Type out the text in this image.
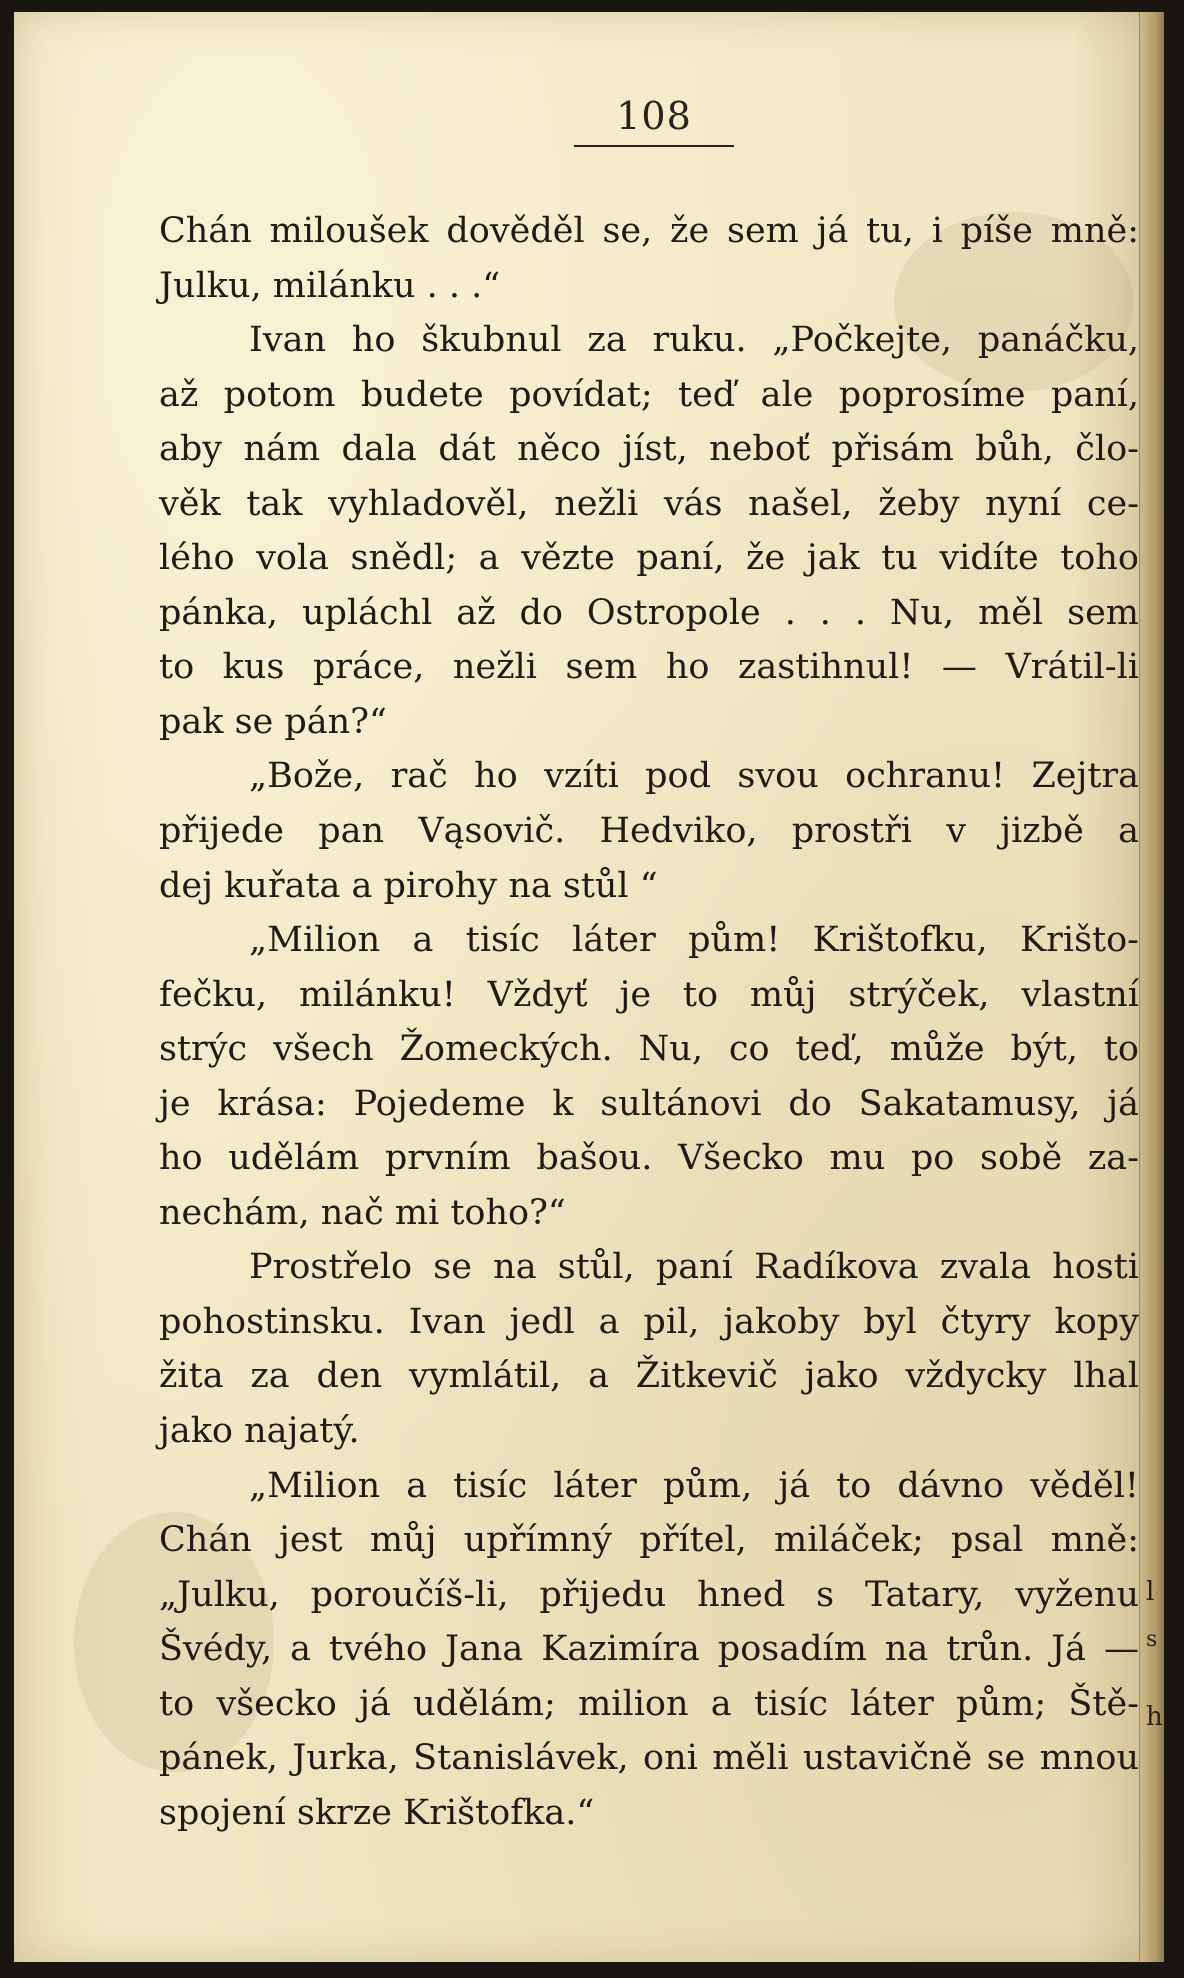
108
Chán miloušek dověděl se, že sem já tu, i píše mně:
Julku, milánku . . .“
Ivan ho škubnul za ruku. „Počkejte, panáčku,
až potom budete povídat; teď ale poprosíme paní,
aby nám dala dát něco jíst, neboť přisám bůh, člo-
věk tak vyhladověl, nežli vás našel, žeby nyní ce-
lého vola snědl; a vězte paní, že jak tu vidíte toho
pánka, upláchl až do Ostropole . . . Nu, měl sem
to kus práce, nežli sem ho zastihnul! — Vrátil-li
pak se pán?“
„Bože, rač ho vzíti pod svou ochranu! Zejtra
přijede pan Vąsovič. Hedviko, prostři v jizbě a
dej kuřata a pirohy na stůl “
„Milion a tisíc láter pům! Krištofku, Krišto-
fečku, milánku! Vždyť je to můj strýček, vlastní
strýc všech Žomeckých. Nu, co teď, může být, to
je krása: Pojedeme k sultánovi do Sakatamusy, já
ho udělám prvním bašou. Všecko mu po sobě za-
nechám, nač mi toho?“
Prostřelo se na stůl, paní Radíkova zvala hosti
pohostinsku. Ivan jedl a pil, jakoby byl čtyry kopy
žita za den vymlátil, a Žitkevič jako vždycky lhal
jako najatý.
„Milion a tisíc láter pům, já to dávno věděl!
Chán jest můj upřímný přítel, miláček; psal mně:
„Julku, poroučíš-li, přijedu hned s Tatary, vyženu
Švédy, a tvého Jana Kazimíra posadím na trůn. Já —
to všecko já udělám; milion a tisíc láter pům; Ště-
pánek, Jurka, Stanislávek, oni měli ustavičně se mnou
spojení skrze Krištofka.“
l
s
h
